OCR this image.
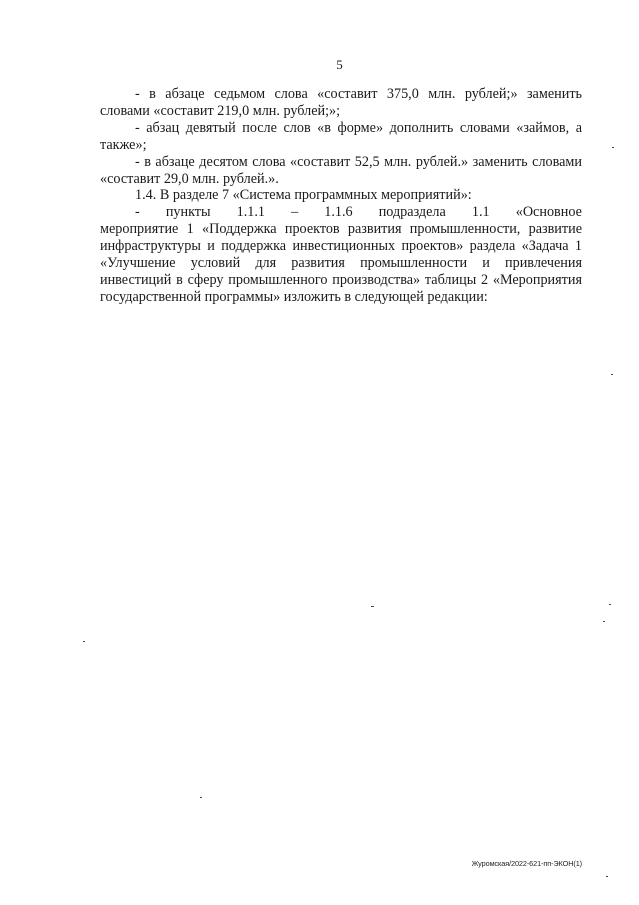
5

- в абзаце седьмом слова «составит 375,0 млн. рублей;» заменить словами «составит 219,0 млн. рублей;»;

- абзац девятый после слов «в форме» дополнить словами «займов, а также»;

- в абзаце десятом слова «составит 52,5 млн. рублей.» заменить словами «составит 29,0 млн. рублей.».

1.4. В разделе 7 «Система программных мероприятий»:

- пункты 1.1.1 – 1.1.6 подраздела 1.1 «Основное

мероприятие 1 «Поддержка проектов развития промышленности, развитие инфраструктуры и поддержка инвестиционных проектов» раздела «Задача 1 «Улучшение условий для развития промышленности и привлечения инвестиций в сферу промышленного производства» таблицы 2 «Мероприятия государственной программы» изложить в следующей редакции:

Журомская/2022-621-пп-ЭКОН(1)
